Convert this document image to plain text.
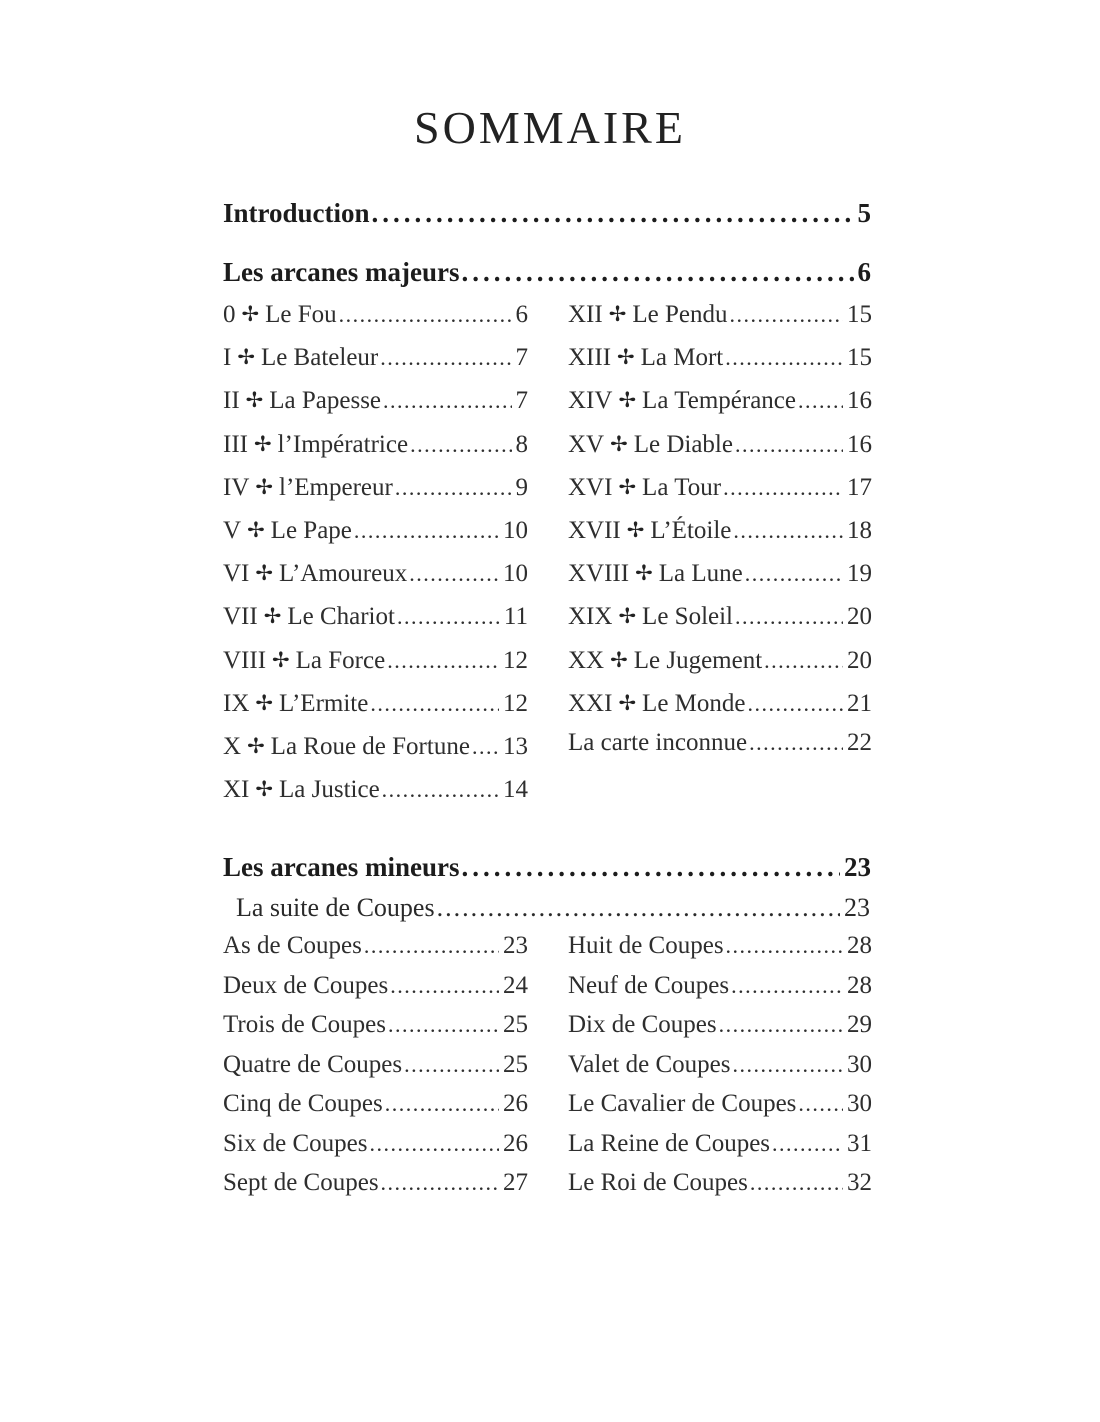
SOMMAIRE
Introduction .....	5
Les arcanes majeurs .....	6
0 ✢ Le Fou .....	6
I ✢ Le Bateleur .....	7
II ✢ La Papesse .....	7
III ✢ l’Impératrice .....	8
IV ✢ l’Empereur .....	9
V ✢ Le Pape .....	10
VI ✢ L’Amoureux .....	10
VII ✢ Le Chariot .....	11
VIII ✢ La Force .....	12
IX ✢ L’Ermite .....	12
X ✢ La Roue de Fortune ..... 13
XI ✢ La Justice .....	14
XII ✢ Le Pendu .....	15
XIII ✢ La Mort .....	15
XIV ✢ La Tempérance ..... 16
XV ✢ Le Diable .....	16
XVI ✢ La Tour .....	17
XVII ✢ L’Étoile .....	18
XVIII ✢ La Lune .....	19
XIX ✢ Le Soleil .....	20
XX ✢ Le Jugement .....	20
XXI ✢ Le Monde .....	21
La carte inconnue .....	22
Les arcanes mineurs .....	23
La suite de Coupes .....	23
As de Coupes .....	23
Deux de Coupes .....	24
Trois de Coupes .....	25
Quatre de Coupes .....	25
Cinq de Coupes .....	26
Six de Coupes .....	26
Sept de Coupes .....	27
Huit de Coupes .....	28
Neuf de Coupes .....	28
Dix de Coupes .....	29
Valet de Coupes .....	30
Le Cavalier de Coupes ..... 30
La Reine de Coupes .....	31
Le Roi de Coupes .....	32
